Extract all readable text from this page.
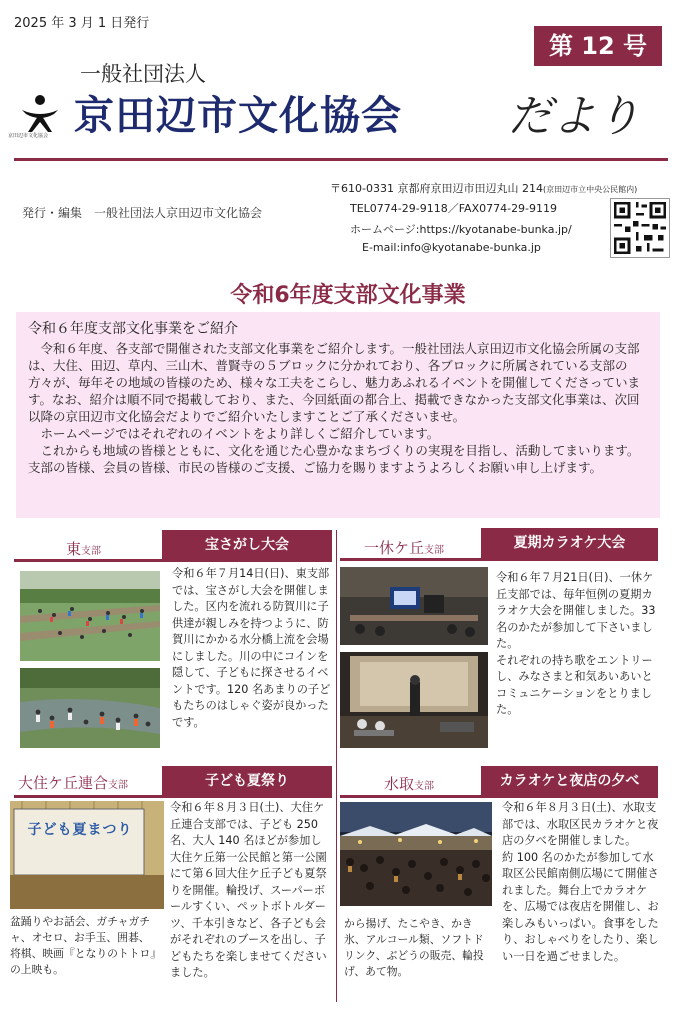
2025 年 3 月 1 日発行
第 12 号
京田辺市文化協会
一般社団法人
京田辺市文化協会 だより
発行・編集　一般社団法人京田辺市文化協会
〒610-0331 京都府京田辺市田辺丸山 214(京田辺市立中央公民館内)
TEL0774-29-9118／FAX0774-29-9119
ホームページ:https://kyotanabe-bunka.jp/
E-mail:info@kyotanabe-bunka.jp
令和6年度支部文化事業
令和６年度支部文化事業をご紹介

令和６年度、各支部で開催された支部文化事業をご紹介します。一般社団法人京田辺市文化協会所属の支部は、大住、田辺、草内、三山木、普賢寺の５ブロックに分かれており、各ブロックに所属されている支部の方々が、毎年その地域の皆様のため、様々な工夫をこらし、魅力あふれるイベントを開催してくださっています。なお、紹介は順不同で掲載しており、また、今回紙面の都合上、掲載できなかった支部文化事業は、次回以降の京田辺市文化協会だよりでご紹介いたしますことご了承くださいませ。

ホームページではそれぞれのイベントをより詳しくご紹介しています。

これからも地域の皆様とともに、文化を通じた心豊かなまちづくりの実現を目指し、活動してまいります。支部の皆様、会員の皆様、市民の皆様のご支援、ご協力を賜りますようよろしくお願い申し上げます。

東支部	宝さがし大会
令和６年７月14日(日)、東支部では、宝さがし大会を開催しました。区内を流れる防賀川に子供達が親しみを持つように、防賀川にかかる水分橋上流を会場にしました。川の中にコインを隠して、子どもに探させるイベントです。120 名あまりの子どもたちのはしゃぐ姿が良かったです。
一休ケ丘支部	夏期カラオケ大会

令和６年７月21日(日)、一休ケ丘支部では、毎年恒例の夏期カラオケ大会を開催しました。33 名のかたが参加して下さいました。

それぞれの持ち歌をエントリーし、みなさまと和気あいあいとコミュニケーションをとりました。

大住ケ丘連合支部	子ども夏祭り
子ども夏まつり
盆踊りやお話会、ガチャガチャ、オセロ、お手玉、囲碁、将棋、映画『となりのトトロ』の上映も。
令和６年８月３日(土)、大住ケ丘連合支部では、子ども 250 名、大人 140 名ほどが参加し大住ケ丘第一公民館と第一公園にて第６回大住ケ丘子ども夏祭りを開催。輪投げ、スーパーボールすくい、ペットボトルダーツ、千本引きなど、各子ども会がそれぞれのブースを出し、子どもたちを楽しませてくださいました。
水取支部	カラオケと夜店の夕べ
から揚げ、たこやき、かき氷、アルコール類、ソフトドリンク、ぶどうの販売、輪投げ、あて物。

令和６年８月３日(土)、水取支部では、水取区民カラオケと夜店の夕べを開催しました。

約 100 名のかたが参加して水取区公民館南側広場にて開催されました。舞台上でカラオケを、広場では夜店を開催し、お楽しみもいっぱい。食事をしたり、おしゃべりをしたり、楽しい一日を過ごせました。
